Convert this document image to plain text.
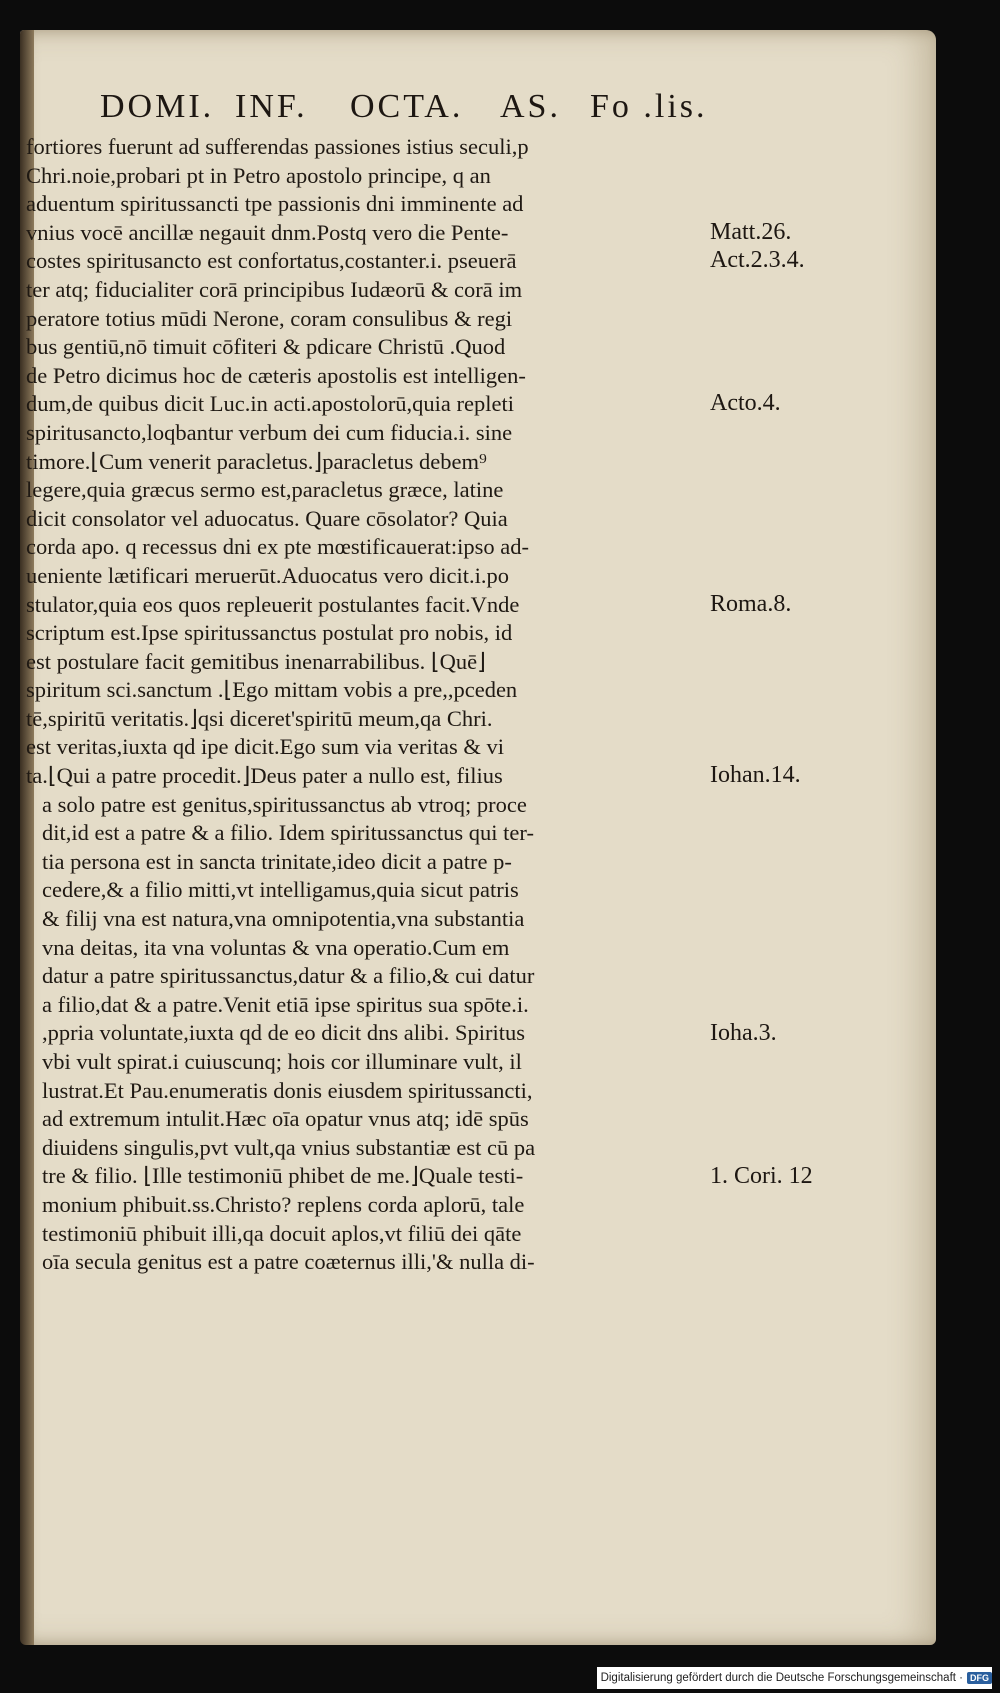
DOMI.

INF.

OCTA.

AS.

Fo .lis.

fortiores fuerunt ad sufferendas passiones istius seculi,p
Chri.noie,probari pt in Petro apostolo principe, q an
aduentum spiritussancti tpe passionis dni imminente ad
vnius vocē ancillæ negauit dnm.Postq vero die Pente-
costes spiritusancto est confortatus,costanter.i. pseuerā
ter atq; fiducialiter corā principibus Iudæorū & corā im
peratore totius mūdi Nerone, coram consulibus & regi
bus gentiū,nō timuit cōfiteri & pdicare Christū .Quod
de Petro dicimus hoc de cæteris apostolis est intelligen-
dum,de quibus dicit Luc.in acti.apostolorū,quia repleti
spiritusancto,loqbantur verbum dei cum fiducia.i. sine
timore.⌊Cum venerit paracletus.⌋paracletus debem⁹
legere,quia græcus sermo est,paracletus græce, latine
dicit consolator vel aduocatus. Quare cōsolator? Quia
corda apo. q recessus dni ex pte mœstificauerat:ipso ad-
ueniente lætificari meruerūt.Aduocatus vero dicit.i.po
stulator,quia eos quos repleuerit postulantes facit.Vnde
scriptum est.Ipse spiritussanctus postulat pro nobis, id
est postulare facit gemitibus inenarrabilibus. ⌊Quē⌋
spiritum sci.sanctum .⌊Ego mittam vobis a pre,,pceden
tē,spiritū veritatis.⌋qsi diceret'spiritū meum,qa Chri.
est veritas,iuxta qd ipe dicit.Ego sum via veritas & vi
ta.⌊Qui a patre procedit.⌋Deus pater a nullo est, filius
a solo patre est genitus,spiritussanctus ab vtroq; proce
dit,id est a patre & a filio. Idem spiritussanctus qui ter-
tia persona est in sancta trinitate,ideo dicit a patre p-
cedere,& a filio mitti,vt intelligamus,quia sicut patris
& filij vna est natura,vna omnipotentia,vna substantia
vna deitas, ita vna voluntas & vna operatio.Cum em
datur a patre spiritussanctus,datur & a filio,& cui datur
a filio,dat & a patre.Venit etiā ipse spiritus sua spōte.i.
,ppria voluntate,iuxta qd de eo dicit dns alibi. Spiritus
vbi vult spirat.i cuiuscunq; hois cor illuminare vult, il
lustrat.Et Pau.enumeratis donis eiusdem spiritussancti,
ad extremum intulit.Hæc oīa opatur vnus atq; idē spūs
diuidens singulis,pvt vult,qa vnius substantiæ est cū pa
tre & filio. ⌊Ille testimoniū phibet de me.⌋Quale testi-
monium phibuit.ss.Christo? replens corda aplorū, tale
testimoniū phibuit illi,qa docuit aplos,vt filiū dei qāte
oīa secula genitus est a patre coæternus illi,'& nulla di-
Matt.26.
Act.2.3.4.
Acto.4.
Roma.8.
Iohan.14.
Ioha.3.
1. Cori. 12
Digitalisierung gefördert durch die Deutsche Forschungsgemeinschaft · DFG
